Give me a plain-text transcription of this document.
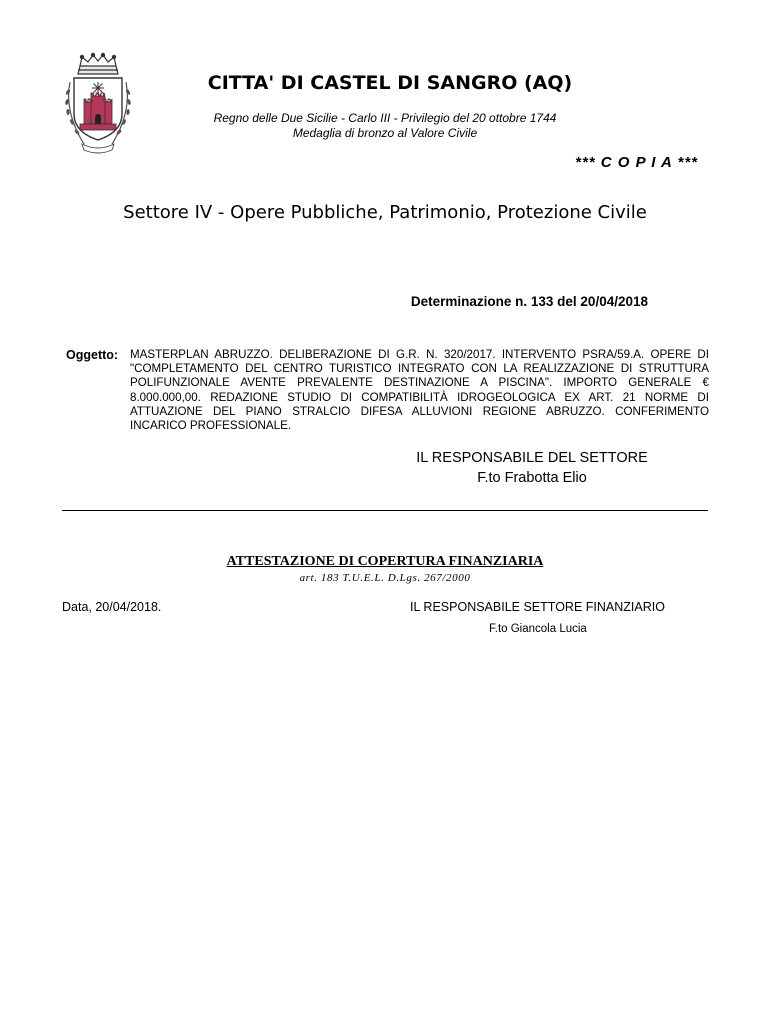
CITTA' DI CASTEL DI SANGRO (AQ)
Regno delle Due Sicilie - Carlo III - Privilegio del 20 ottobre 1744
Medaglia di bronzo al Valore Civile
*** C O P I A ***
Settore IV - Opere Pubbliche, Patrimonio, Protezione Civile
Determinazione n. 133 del 20/04/2018
Oggetto: MASTERPLAN ABRUZZO. DELIBERAZIONE DI G.R. N. 320/2017. INTERVENTO PSRA/59.A. OPERE DI "COMPLETAMENTO DEL CENTRO TURISTICO INTEGRATO CON LA REALIZZAZIONE DI STRUTTURA POLIFUNZIONALE AVENTE PREVALENTE DESTINAZIONE A PISCINA". IMPORTO GENERALE € 8.000.000,00. REDAZIONE STUDIO DI COMPATIBILITÀ IDROGEOLOGICA EX ART. 21 NORME DI ATTUAZIONE DEL PIANO STRALCIO DIFESA ALLUVIONI REGIONE ABRUZZO. CONFERIMENTO INCARICO PROFESSIONALE.
IL RESPONSABILE DEL SETTORE
F.to Frabotta Elio
ATTESTAZIONE DI COPERTURA FINANZIARIA
art. 183 T.U.E.L. D.Lgs. 267/2000
Data, 20/04/2018.	IL RESPONSABILE SETTORE FINANZIARIO
F.to Giancola Lucia
